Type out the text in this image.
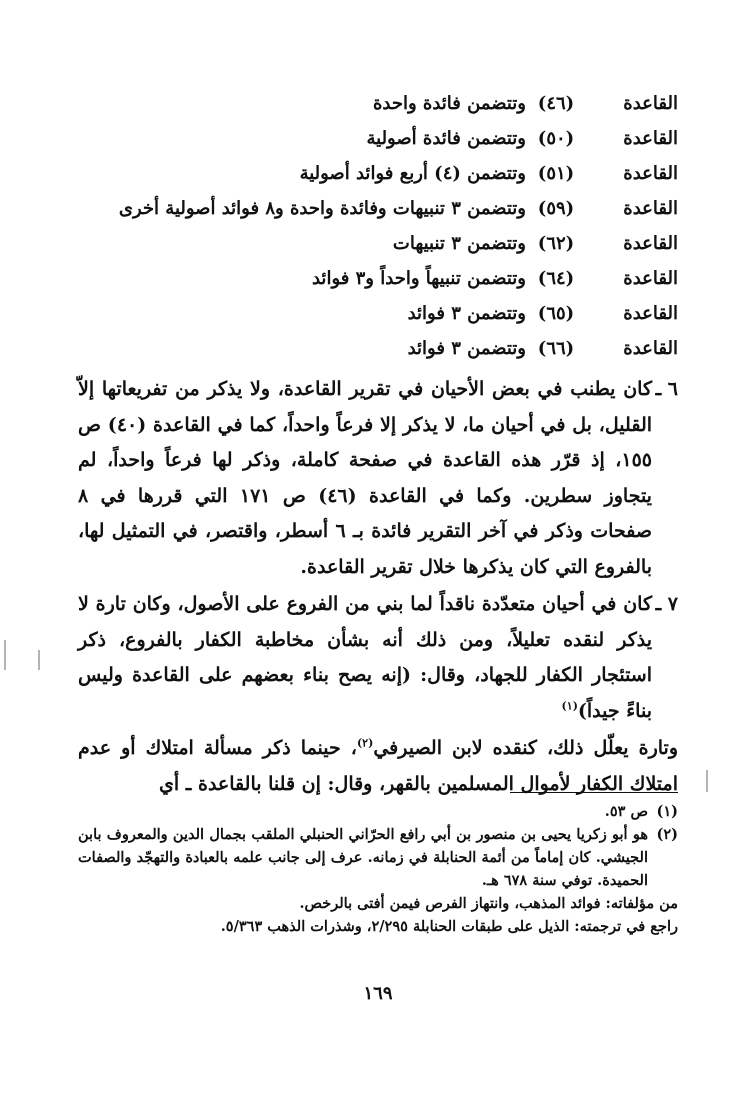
القاعدة
(٤٦)
وتتضمن فائدة واحدة
القاعدة
(٥٠)
وتتضمن فائدة أصولية
القاعدة
(٥١)
وتتضمن (٤) أربع فوائد أصولية
القاعدة
(٥٩)
وتتضمن ٣ تنبيهات وفائدة واحدة و٨ فوائد أصولية أخرى
القاعدة
(٦٢)
وتتضمن ٣ تنبيهات
القاعدة
(٦٤)
وتتضمن تنبيهاً واحداً و٣ فوائد
القاعدة
(٦٥)
وتتضمن ٣ فوائد
القاعدة
(٦٦)
وتتضمن ٣ فوائد
٦ ـ
كان يطنب في بعض الأحيان في تقرير القاعدة، ولا يذكر من تفريعاتها إلاّ القليل، بل في أحيان ما، لا يذكر إلا فرعاً واحداً، كما في القاعدة (٤٠) ص ١٥٥، إذ قرّر هذه القاعدة في صفحة كاملة، وذكر لها فرعاً واحداً، لم يتجاوز سطرين. وكما في القاعدة (٤٦) ص ١٧١ التي قررها في ٨ صفحات وذكر في آخر التقرير فائدة بـ ٦ أسطر، واقتصر، في التمثيل لها، بالفروع التي كان يذكرها خلال تقرير القاعدة.
٧ ـ
كان في أحيان متعدّدة ناقداً لما بني من الفروع على الأصول، وكان تارة لا يذكر لنقده تعليلاً، ومن ذلك أنه بشأن مخاطبة الكفار بالفروع، ذكر استئجار الكفار للجهاد، وقال: (إنه يصح بناء بعضهم على القاعدة وليس بناءً جيداً)$^{(١)}$
وتارة يعلّل ذلك، كنقده لابن الصيرفي$^{(٢)}$، حينما ذكر مسألة امتلاك أو عدم امتلاك الكفار لأموال المسلمين بالقهر، وقال: إن قلنا بالقاعدة ـ أي
(١)
ص ٥٣.
(٢)
هو أبو زكريا يحيى بن منصور بن أبي رافع الحرّاني الحنبلي الملقب بجمال الدين والمعروف بابن الجيشي. كان إماماً من أئمة الحنابلة في زمانه. عرف إلى جانب علمه بالعبادة والتهجّد والصفات الحميدة. توفي سنة ٦٧٨ هـ.
من مؤلفاته: فوائد المذهب، وانتهاز الفرص فيمن أفتى بالرخص.
راجع في ترجمته: الذيل على طبقات الحنابلة ٢/٢٩٥، وشذرات الذهب ٥/٣٦٣.
١٦٩
